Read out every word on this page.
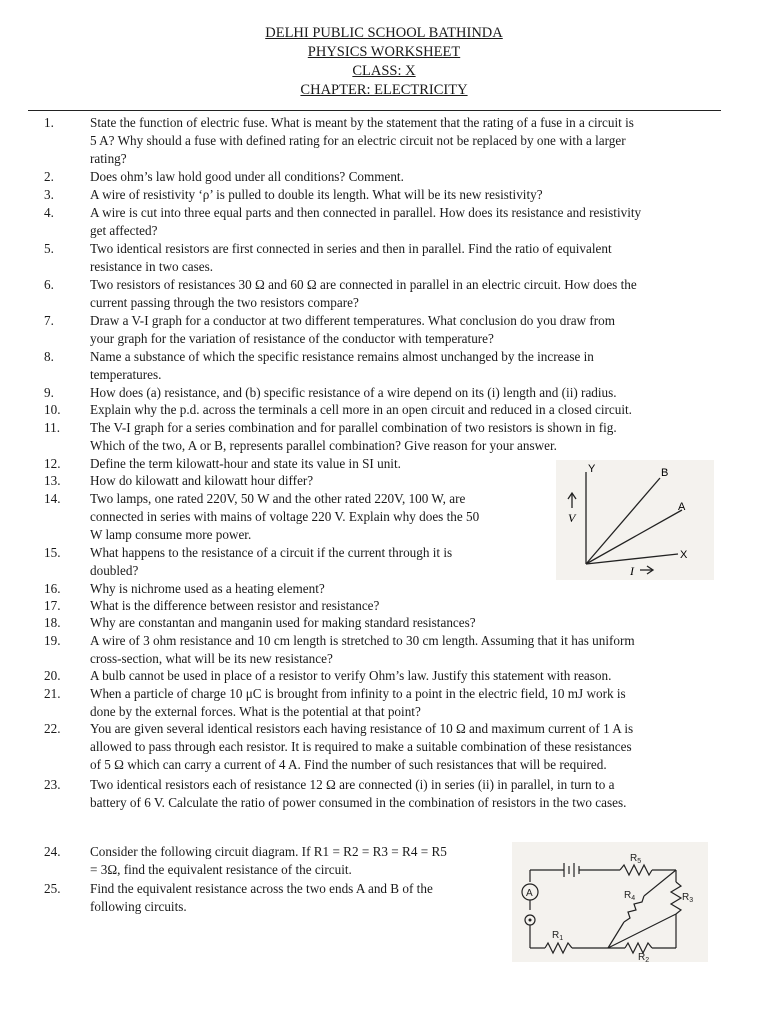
DELHI PUBLIC SCHOOL BATHINDA
PHYSICS WORKSHEET
CLASS: X
CHAPTER: ELECTRICITY
1.	State the function of electric fuse. What is meant by the statement that the rating of a fuse in a circuit is
5 A? Why should a fuse with defined rating for an electric circuit not be replaced by one with a larger
rating?
2.	Does ohm’s law hold good under all conditions? Comment.
3.	A wire of resistivity ‘ρ’ is pulled to double its length. What will be its new resistivity?
4.	A wire is cut into three equal parts and then connected in parallel. How does its resistance and resistivity
get affected?
5.	Two identical resistors are first connected in series and then in parallel. Find the ratio of equivalent
resistance in two cases.
6.	Two resistors of resistances 30 Ω and 60 Ω are connected in parallel in an electric circuit. How does the
current passing through the two resistors compare?
7.	Draw a V-I graph for a conductor at two different temperatures. What conclusion do you draw from
your graph for the variation of resistance of the conductor with temperature?
8.	Name a substance of which the specific resistance remains almost unchanged by the increase in
temperatures.
9.	How does (a) resistance, and (b) specific resistance of a wire depend on its (i) length and (ii) radius.
10.	Explain why the p.d. across the terminals a cell more in an open circuit and reduced in a closed circuit.
11.	The V-I graph for a series combination and for parallel combination of two resistors is shown in fig.
Which of the two, A or B, represents parallel combination? Give reason for your answer.
12.	Define the term kilowatt-hour and state its value in SI unit.
13.	How do kilowatt and kilowatt hour differ?
14.	Two lamps, one rated 220V, 50 W and the other rated 220V, 100 W, are
connected in series with mains of voltage 220 V. Explain why does the 50
W lamp consume more power.
15.	What happens to the resistance of a circuit if the current through it is
doubled?
16.	Why is nichrome used as a heating element?
17.	What is the difference between resistor and resistance?
18.	Why are constantan and manganin used for making standard resistances?
19.	A wire of 3 ohm resistance and 10 cm length is stretched to 30 cm length. Assuming that it has uniform
cross-section, what will be its new resistance?
20.	A bulb cannot be used in place of a resistor to verify Ohm’s law. Justify this statement with reason.
21.	When a particle of charge 10 μC is brought from infinity to a point in the electric field, 10 mJ work is
done by the external forces. What is the potential at that point?
22.	You are given several identical resistors each having resistance of 10 Ω and maximum current of 1 A is
allowed to pass through each resistor. It is required to make a suitable combination of these resistances
of 5 Ω which can carry a current of 4 A. Find the number of such resistances that will be required.
23.	Two identical resistors each of resistance 12 Ω are connected (i) in series (ii) in parallel, in turn to a
battery of 6 V. Calculate the ratio of power consumed in the combination of resistors in the two cases.
24.	Consider the following circuit diagram. If R1 = R2 = R3 = R4 = R5
= 3Ω, find the equivalent resistance of the circuit.
25.	Find the equivalent resistance across the two ends A and B of the
following circuits.
Y
V
B
A
X
I
A
$R_5$
$R_4$	$R_3$
$R_1$
$R_2$
